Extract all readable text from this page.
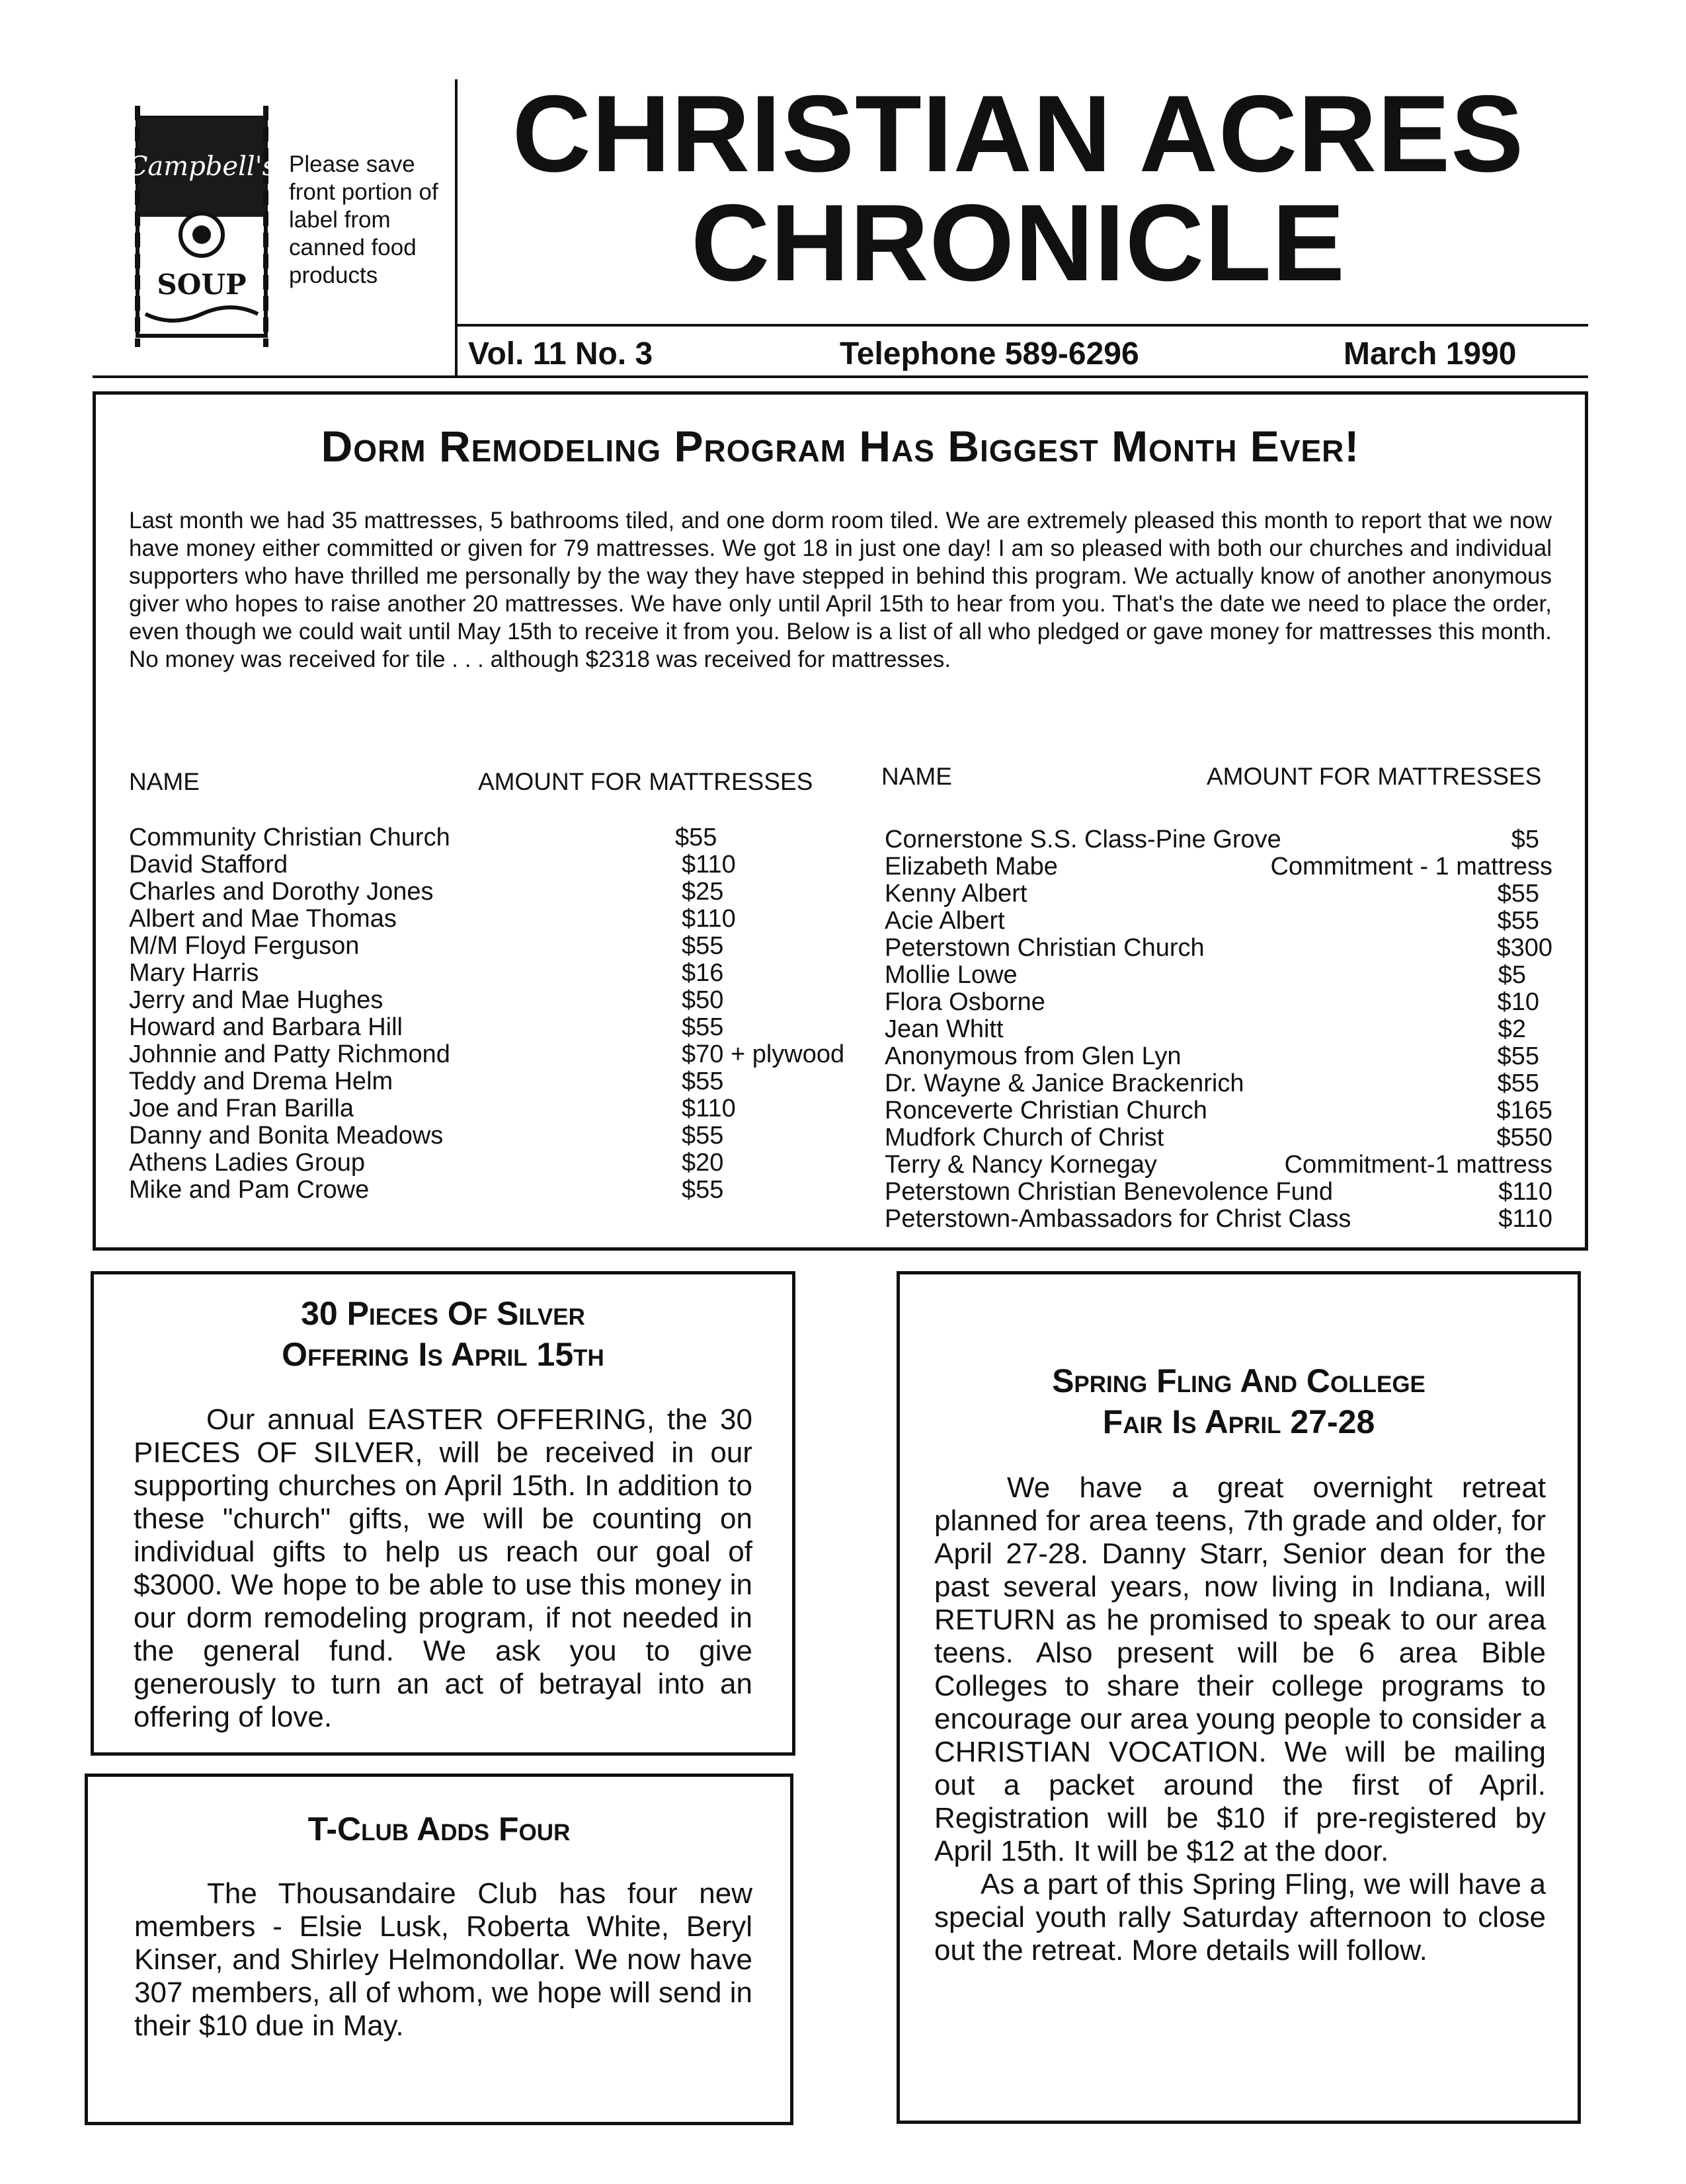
Campbell's
SOUP
Please save front portion of label from canned food products
CHRISTIAN ACRES
CHRONICLE
Vol. 11 No. 3	Telephone 589-6296	March 1990
Dorm Remodeling Program Has Biggest Month Ever!
Last month we had 35 mattresses, 5 bathrooms tiled, and one dorm room tiled. We are extremely pleased this month to report that we now have money either committed or given for 79 mattresses. We got 18 in just one day! I am so pleased with both our churches and individual supporters who have thrilled me personally by the way they have stepped in behind this program. We actually know of another anonymous giver who hopes to raise another 20 mattresses. We have only until April 15th to hear from you. That's the date we need to place the order, even though we could wait until May 15th to receive it from you. Below is a list of all who pledged or gave money for mattresses this month. No money was received for tile . . . although $2318 was received for mattresses.
NAME	AMOUNT FOR MATTRESSES	NAME	AMOUNT FOR MATTRESSES
Community Christian Church	$55
David Stafford	$110
Charles and Dorothy Jones	$25
Albert and Mae Thomas	$110
M/M Floyd Ferguson	$55
Mary Harris	$16
Jerry and Mae Hughes	$50
Howard and Barbara Hill	$55
Johnnie and Patty Richmond	$70 + plywood
Teddy and Drema Helm	$55
Joe and Fran Barilla	$110
Danny and Bonita Meadows	$55
Athens Ladies Group	$20
Mike and Pam Crowe	$55
Cornerstone S.S. Class-Pine Grove	$5
Elizabeth Mabe	Commitment - 1 mattress
Kenny Albert	$55
Acie Albert	$55
Peterstown Christian Church	$300
Mollie Lowe	$5
Flora Osborne	$10
Jean Whitt	$2
Anonymous from Glen Lyn	$55
Dr. Wayne & Janice Brackenrich	$55
Ronceverte Christian Church	$165
Mudfork Church of Christ	$550
Terry & Nancy Kornegay	Commitment-1 mattress
Peterstown Christian Benevolence Fund	$110
Peterstown-Ambassadors for Christ Class	$110
30 Pieces Of Silver
Offering Is April 15th

Our annual EASTER OFFERING, the 30 PIECES OF SILVER, will be received in our supporting churches on April 15th. In addition to these "church" gifts, we will be counting on individual gifts to help us reach our goal of $3000. We hope to be able to use this money in our dorm remodeling program, if not needed in the general fund. We ask you to give generously to turn an act of betrayal into an offering of love.

T-Club Adds Four

The Thousandaire Club has four new members - Elsie Lusk, Roberta White, Beryl Kinser, and Shirley Helmondollar. We now have 307 members, all of whom, we hope will send in their $10 due in May.

Spring Fling And College
Fair Is April 27-28

We have a great overnight retreat planned for area teens, 7th grade and older, for April 27-28. Danny Starr, Senior dean for the past several years, now living in Indiana, will RETURN as he promised to speak to our area teens. Also present will be 6 area Bible Colleges to share their college programs to encourage our area young people to consider a CHRISTIAN VOCATION. We will be mailing out a packet around the first of April. Registration will be $10 if pre-registered by April 15th. It will be $12 at the door.

As a part of this Spring Fling, we will have a special youth rally Saturday afternoon to close out the retreat. More details will follow.
